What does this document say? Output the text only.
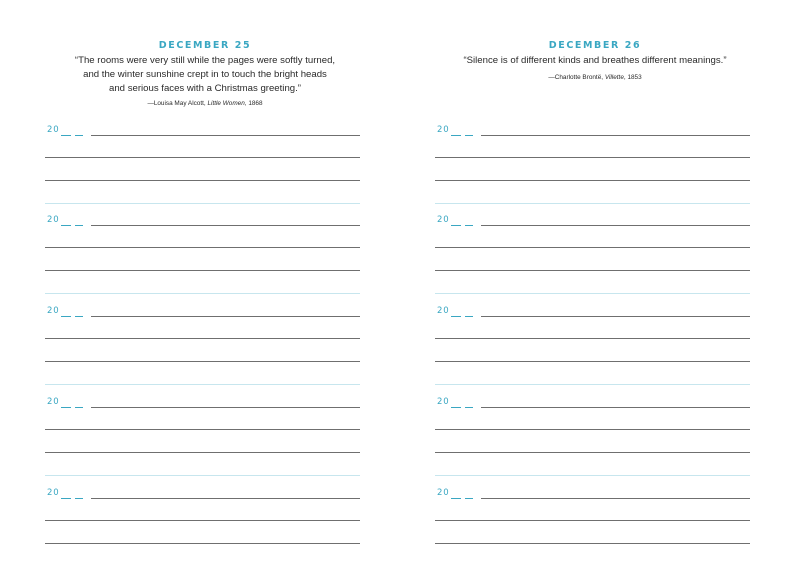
DECEMBER 25
“The rooms were very still while the pages were softly turned,
and the winter sunshine crept in to touch the bright heads
and serious faces with a Christmas greeting.”
—Louisa May Alcott, Little Women, 1868
20
20
20
20
20
DECEMBER 26
“Silence is of different kinds and breathes different meanings.”
—Charlotte Brontë, Villette, 1853
20
20
20
20
20
